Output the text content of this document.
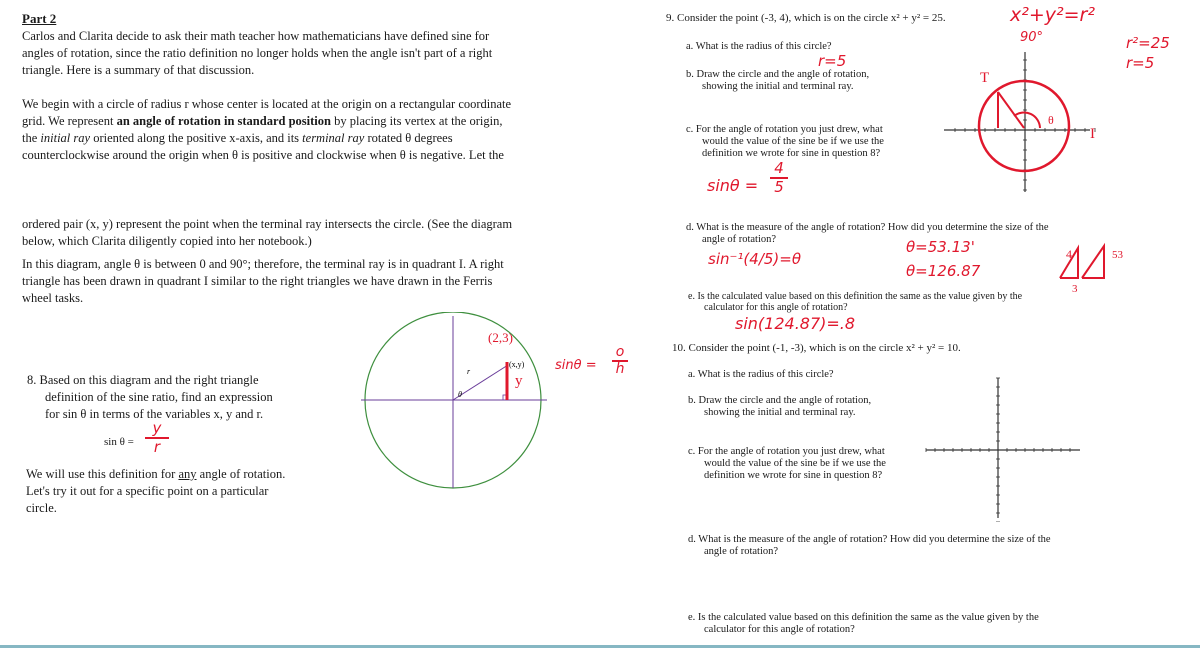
Part 2
Carlos and Clarita decide to ask their math teacher how mathematicians have defined sine for
angles of rotation, since the ratio definition no longer holds when the angle isn't part of a right
triangle. Here is a summary of that discussion.
We begin with a circle of radius r whose center is located at the origin on a rectangular coordinate
grid. We represent an angle of rotation in standard position by placing its vertex at the origin,
the initial ray oriented along the positive x-axis, and its terminal ray rotated θ degrees
counterclockwise around the origin when θ is positive and clockwise when θ is negative. Let the
ordered pair (x, y) represent the point when the terminal ray intersects the circle. (See the diagram
below, which Clarita diligently copied into her notebook.)
In this diagram, angle θ is between 0 and 90°; therefore, the terminal ray is in quadrant I. A right
triangle has been drawn in quadrant I similar to the right triangles we have drawn in the Ferris
wheel tasks.
8. Based on this diagram and the right triangle
definition of the sine ratio, find an expression
for sin θ in terms of the variables x, y and r.
sin θ =
y
r
We will use this definition for any angle of rotation.
Let's try it out for a specific point on a particular
circle.
(x,y)
r
θ
(2,3)
y
sinθ =
o
h
9. Consider the point (-3, 4), which is on the circle x² + y² = 25.
a. What is the radius of this circle?
b. Draw the circle and the angle of rotation,
showing the initial and terminal ray.
c. For the angle of rotation you just drew, what
would the value of the sine be if we use the
definition we wrote for sine in question 8?
d. What is the measure of the angle of rotation? How did you determine the size of the
angle of rotation?
e. Is the calculated value based on this definition the same as the value given by the
calculator for this angle of rotation?
10. Consider the point (-1, -3), which is on the circle x² + y² = 10.
a. What is the radius of this circle?
b. Draw the circle and the angle of rotation,
showing the initial and terminal ray.
c. For the angle of rotation you just drew, what
would the value of the sine be if we use the
definition we wrote for sine in question 8?
d. What is the measure of the angle of rotation? How did you determine the size of the
angle of rotation?
e. Is the calculated value based on this definition the same as the value given by the
calculator for this angle of rotation?
θ
T
I
x²+y²=r²
90°	r²=25
r=5
r=5
sinθ =
4
5
sin⁻¹(4/5)=θ
θ=53.13'
θ=126.87
sin(124.87)=.8
4	53
3
